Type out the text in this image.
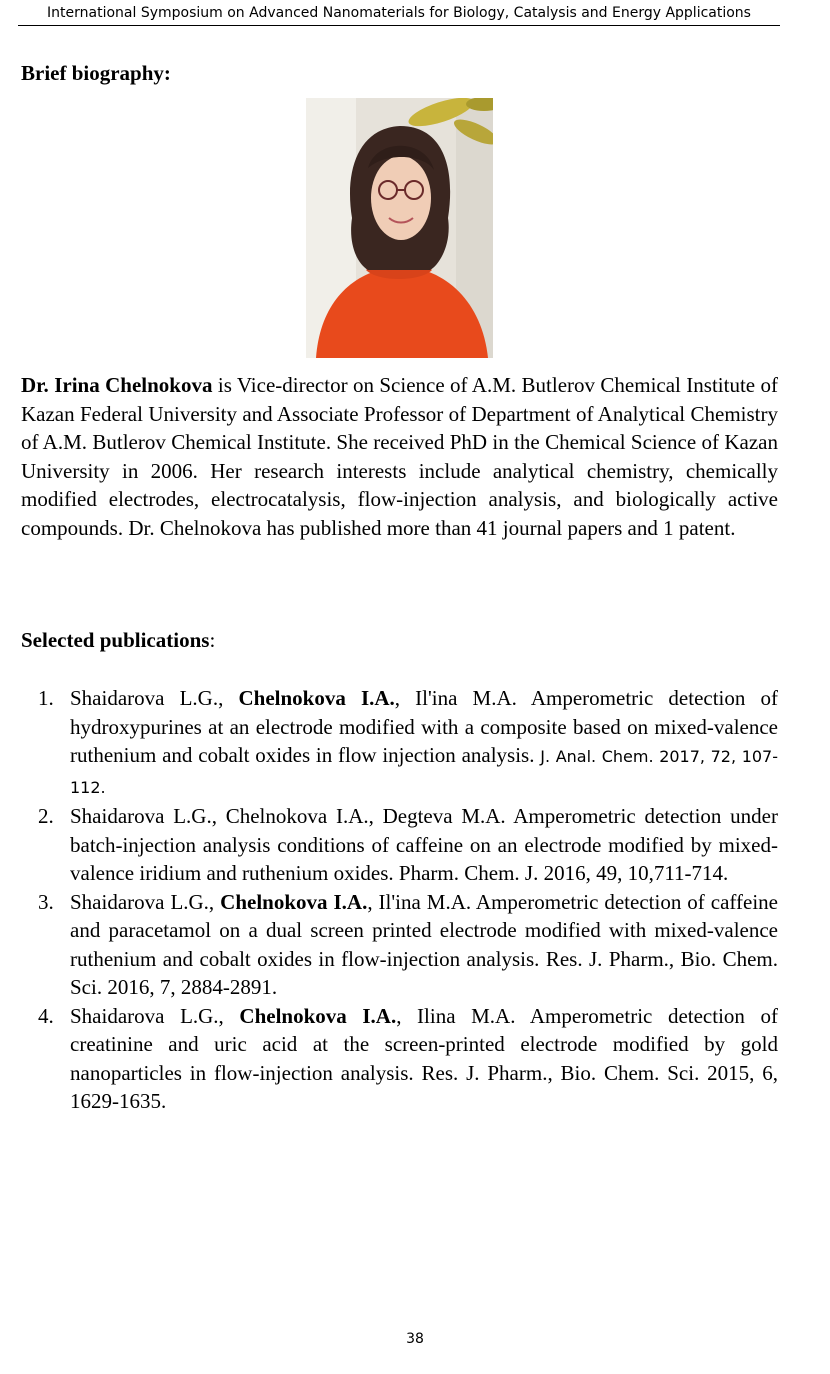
International Symposium on Advanced Nanomaterials for Biology, Catalysis and Energy Applications
Brief biography:

Dr. Irina Chelnokova is Vice-director on Science of A.M. Butlerov Chemical Institute of Kazan Federal University and Associate Professor of Department of Analytical Chemistry of A.M. Butlerov Chemical Institute. She received PhD in the Chemical Science of Kazan University in 2006. Her research interests include analytical chemistry, chemically modified electrodes, electrocatalysis, flow-injection analysis, and biologically active compounds. Dr. Chelnokova has published more than 41 journal papers and 1 patent.

Selected publications:
1. Shaidarova L.G., Chelnokova I.A., Il'ina M.A. Amperometric detection of hydroxypurines at an electrode modified with a composite based on mixed-valence ruthenium and cobalt oxides in flow injection analysis. J. Anal. Chem. 2017, 72, 107-112.
2. Shaidarova L.G., Chelnokova I.A., Degteva M.A. Amperometric detection under batch-injection analysis conditions of caffeine on an electrode modified by mixed-valence iridium and ruthenium oxides. Pharm. Chem. J. 2016, 49, 10,711-714.
3. Shaidarova L.G., Chelnokova I.A., Il'ina M.A. Amperometric detection of caffeine and paracetamol on a dual screen printed electrode modified with mixed-valence ruthenium and cobalt oxides in flow-injection analysis. Res. J. Pharm., Bio. Chem. Sci. 2016, 7, 2884-2891.
4. Shaidarova L.G., Chelnokova I.A., Ilina M.A. Amperometric detection of creatinine and uric acid at the screen-printed electrode modified by gold nanoparticles in flow-injection analysis. Res. J. Pharm., Bio. Chem. Sci. 2015, 6, 1629-1635.
38
